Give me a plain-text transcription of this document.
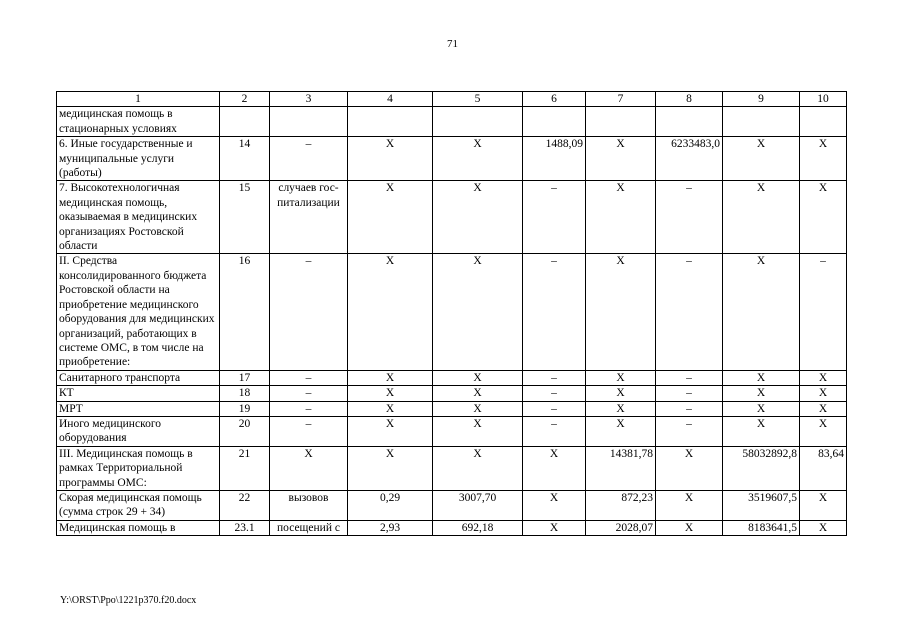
71
1	2	3	4	5	6	7	8	9	10
медицинская помощь в стационарных условиях									
6. Иные государственные и муниципальные услуги (работы)	14	–	Х	Х	1488,09	Х	6233483,0	Х	Х
7. Высокотехнологичная медицинская помощь, оказываемая в медицинских организациях Ростовской области	15	случаев гос-питализации	Х	Х	–	Х	–	Х	Х
II. Средства консолидированного бюджета Ростовской области на приобретение медицинского оборудования для медицинских организаций, работающих в системе ОМС, в том числе на приобретение:	16	–	Х	Х	–	Х	–	Х	–
Санитарного транспорта	17	–	Х	Х	–	Х	–	Х	Х
КТ	18	–	Х	Х	–	Х	–	Х	Х
МРТ	19	–	Х	Х	–	Х	–	Х	Х
Иного медицинского оборудования	20	–	Х	Х	–	Х	–	Х	Х
III. Медицинская помощь в рамках Территориальной программы ОМС:	21	Х	Х	Х	Х	14381,78	Х	58032892,8	83,64
Скорая медицинская помощь (сумма строк 29 + 34)	22	вызовов	0,29	3007,70	Х	872,23	Х	3519607,5	Х
Медицинская помощь в	23.1	посещений с	2,93	692,18	Х	2028,07	Х	8183641,5	Х
Y:\ORST\Ppo\1221p370.f20.docx
